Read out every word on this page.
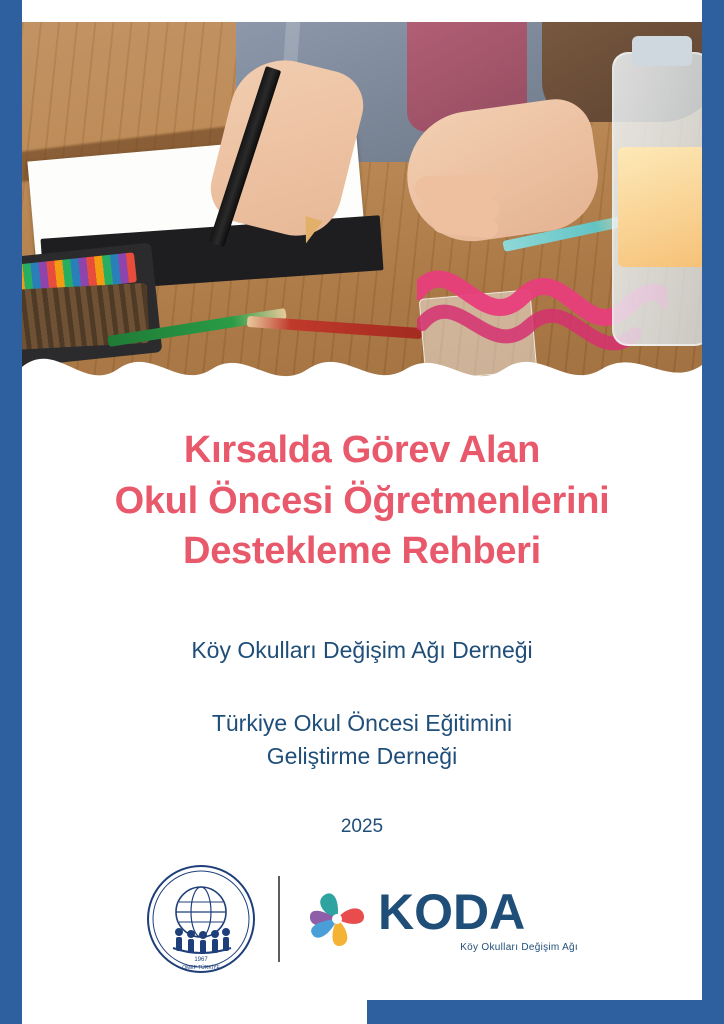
Kırsalda Görev Alan
Okul Öncesi Öğretmenlerini
Destekleme Rehberi
Köy Okulları Değişim Ağı Derneği
Türkiye Okul Öncesi Eğitimini
Geliştirme Derneği
2025
1967
OMEP TÜRKİYE
KODA
Köy Okulları Değişim Ağı
